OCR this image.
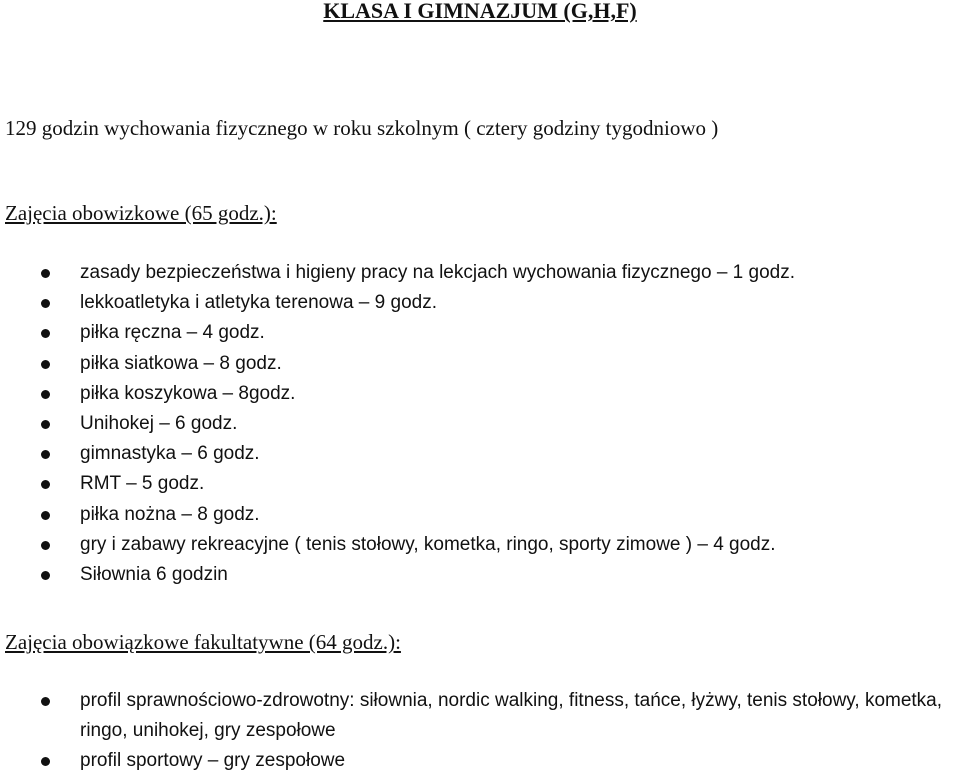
KLASA I GIMNAZJUM (G,H,F)
129 godzin wychowania fizycznego w roku szkolnym ( cztery godziny tygodniowo )
Zajęcia obowizkowe (65 godz.):
zasady bezpieczeństwa i higieny pracy na lekcjach wychowania fizycznego – 1 godz.
lekkoatletyka i atletyka terenowa – 9 godz.
piłka ręczna – 4 godz.
piłka siatkowa – 8 godz.
piłka koszykowa – 8godz.
Unihokej – 6 godz.
gimnastyka – 6 godz.
RMT – 5 godz.
piłka nożna – 8 godz.
gry i zabawy rekreacyjne ( tenis stołowy, kometka, ringo, sporty zimowe ) – 4 godz.
Siłownia 6 godzin
Zajęcia obowiązkowe fakultatywne (64 godz.):
profil sprawnościowo-zdrowotny: siłownia, nordic walking, fitness, tańce, łyżwy, tenis stołowy, kometka, ringo, unihokej, gry zespołowe
profil sportowy – gry zespołowe
